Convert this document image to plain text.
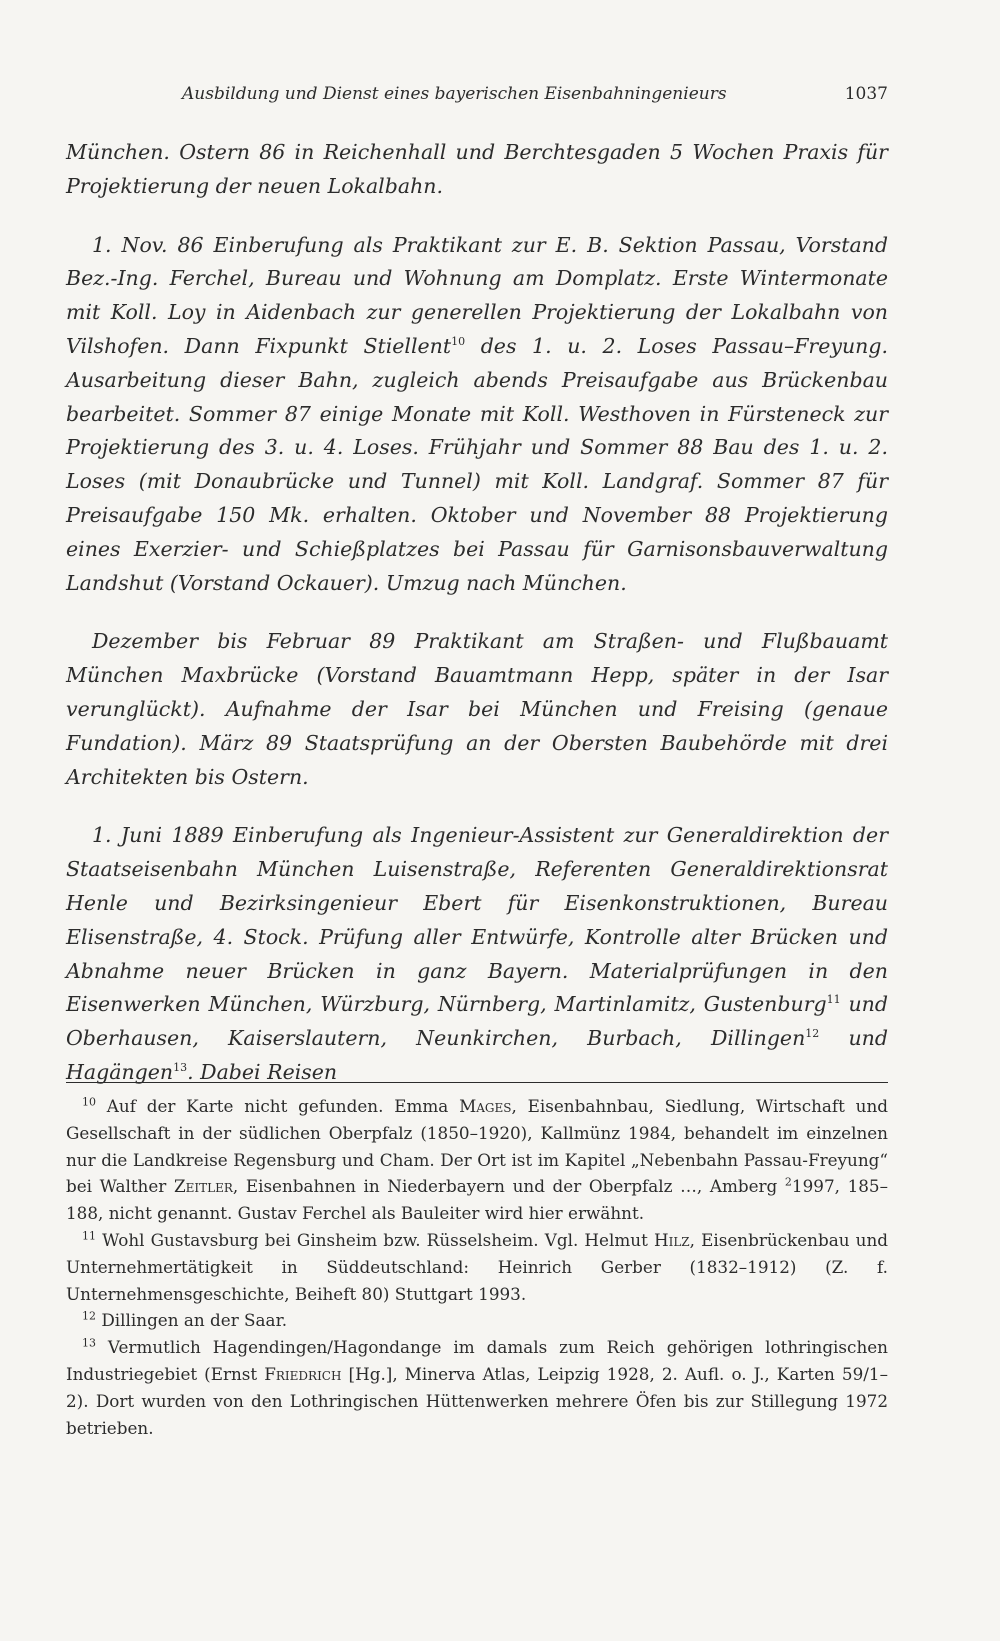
Ausbildung und Dienst eines bayerischen Eisenbahningenieurs	1037

München. Ostern 86 in Reichenhall und Berchtesgaden 5 Wochen Praxis für Projektierung der neuen Lokalbahn.

1. Nov. 86 Einberufung als Praktikant zur E. B. Sektion Passau, Vorstand Bez.-Ing. Ferchel, Bureau und Wohnung am Domplatz. Erste Wintermonate mit Koll. Loy in Aidenbach zur generellen Projektierung der Lokalbahn von Vilshofen. Dann Fixpunkt Stiellent$^{10}$ des 1. u. 2. Loses Passau–Freyung. Ausarbeitung dieser Bahn, zugleich abends Preisaufgabe aus Brückenbau bearbeitet. Sommer 87 einige Monate mit Koll. Westhoven in Fürsteneck zur Projektierung des 3. u. 4. Loses. Frühjahr und Sommer 88 Bau des 1. u. 2. Loses (mit Donaubrücke und Tunnel) mit Koll. Landgraf. Sommer 87 für Preisaufgabe 150 Mk. erhalten. Oktober und November 88 Projektierung eines Exerzier- und Schießplatzes bei Passau für Garnisonsbauverwaltung Landshut (Vorstand Ockauer). Umzug nach München.

Dezember bis Februar 89 Praktikant am Straßen- und Flußbauamt München Maxbrücke (Vorstand Bauamtmann Hepp, später in der Isar verunglückt). Aufnahme der Isar bei München und Freising (genaue Fundation). März 89 Staatsprüfung an der Obersten Baubehörde mit drei Architekten bis Ostern.

1. Juni 1889 Einberufung als Ingenieur-Assistent zur Generaldirektion der Staatseisenbahn München Luisenstraße, Referenten Generaldirektionsrat Henle und Bezirksingenieur Ebert für Eisenkonstruktionen, Bureau Elisenstraße, 4. Stock. Prüfung aller Entwürfe, Kontrolle alter Brücken und Abnahme neuer Brücken in ganz Bayern. Materialprüfungen in den Eisenwerken München, Würzburg, Nürnberg, Martinlamitz, Gustenburg$^{11}$ und Oberhausen, Kaiserslautern, Neunkirchen, Burbach, Dillingen$^{12}$ und Hagängen$^{13}$. Dabei Reisen

$^{10}$ Auf der Karte nicht gefunden. Emma Mages, Eisenbahnbau, Siedlung, Wirtschaft und Gesellschaft in der südlichen Oberpfalz (1850–1920), Kallmünz 1984, behandelt im einzelnen nur die Landkreise Regensburg und Cham. Der Ort ist im Kapitel „Nebenbahn Passau-Freyung“ bei Walther Zeitler, Eisenbahnen in Niederbayern und der Oberpfalz …, Amberg $^2$1997, 185–188, nicht genannt. Gustav Ferchel als Bauleiter wird hier erwähnt.

$^{11}$ Wohl Gustavsburg bei Ginsheim bzw. Rüsselsheim. Vgl. Helmut Hilz, Eisenbrückenbau und Unternehmertätigkeit in Süddeutschland: Heinrich Gerber (1832–1912) (Z. f. Unternehmensgeschichte, Beiheft 80) Stuttgart 1993.

$^{12}$ Dillingen an der Saar.

$^{13}$ Vermutlich Hagendingen/Hagondange im damals zum Reich gehörigen lothringischen Industriegebiet (Ernst Friedrich [Hg.], Minerva Atlas, Leipzig 1928, 2. Aufl. o. J., Karten 59/1–2). Dort wurden von den Lothringischen Hüttenwerken mehrere Öfen bis zur Stillegung 1972 betrieben.
